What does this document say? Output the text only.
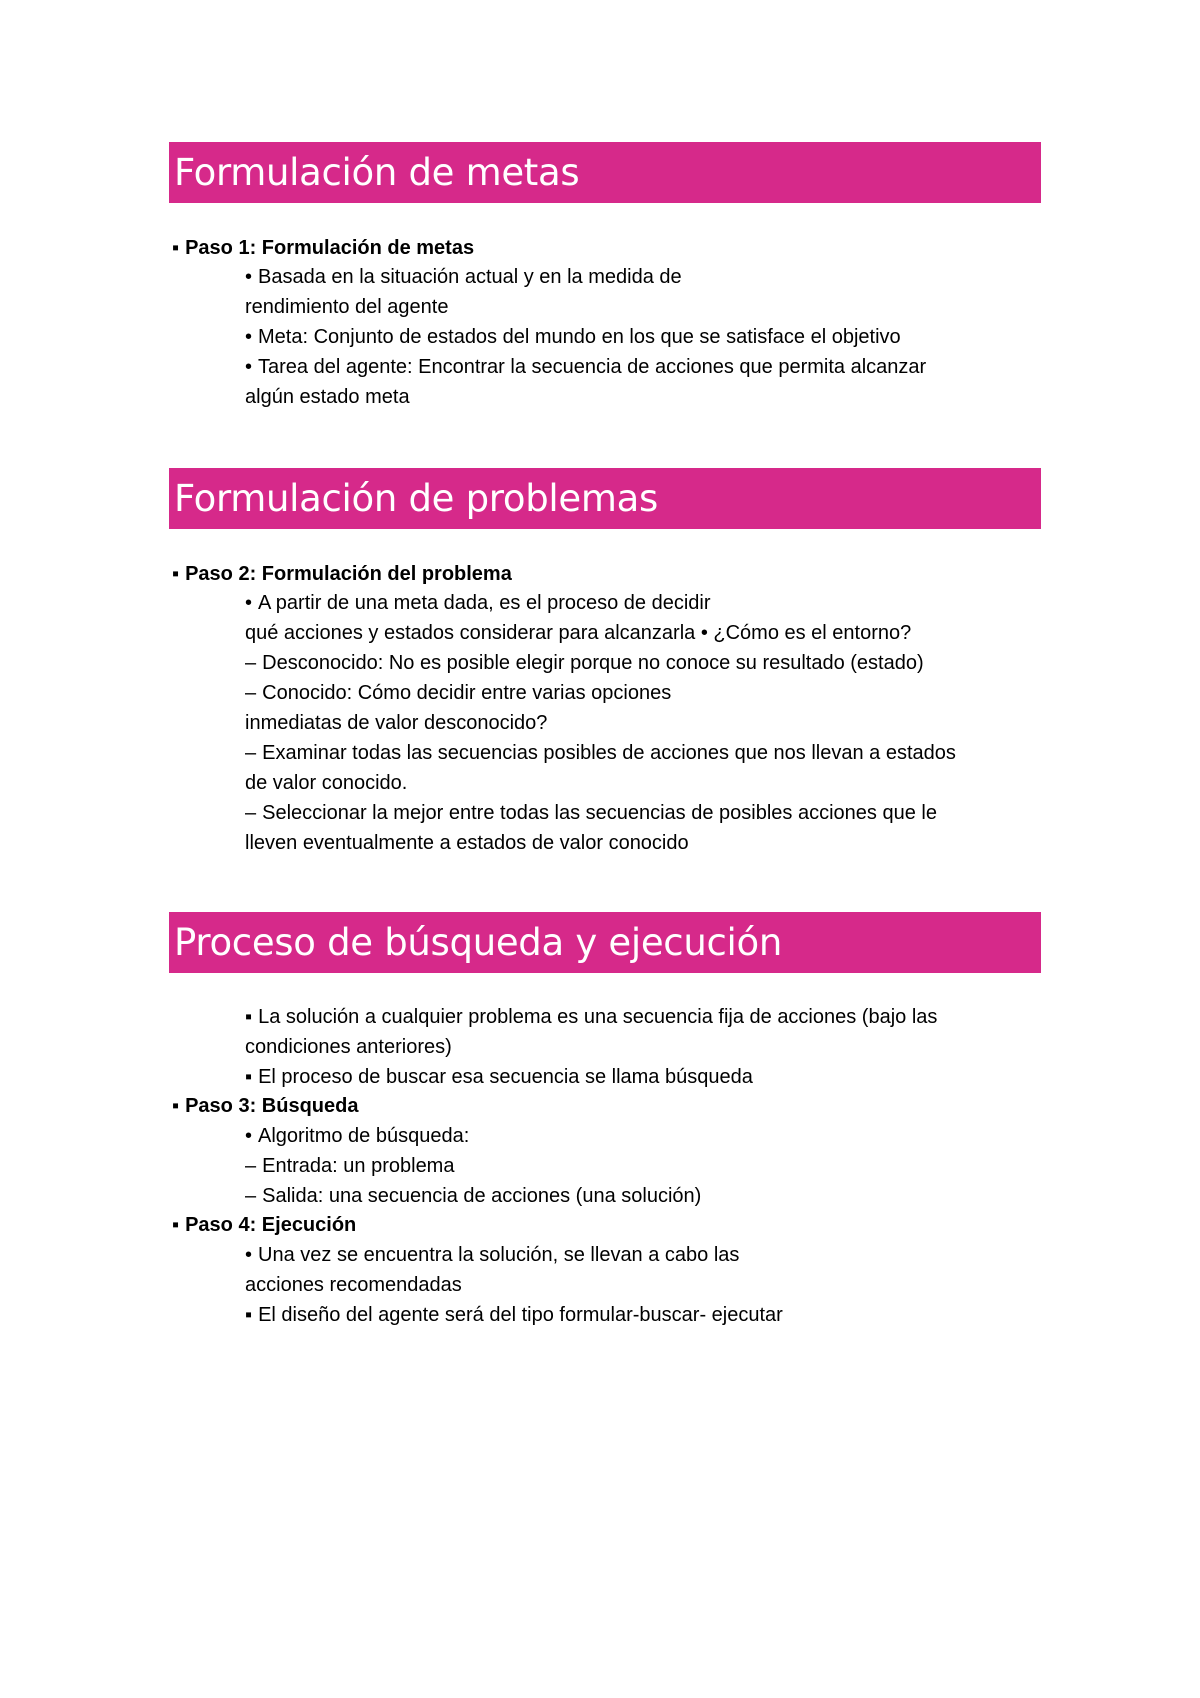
Formulación de metas
▪ Paso 1: Formulación de metas
• Basada en la situación actual y en la medida de
rendimiento del agente
• Meta: Conjunto de estados del mundo en los que se satisface el objetivo
• Tarea del agente: Encontrar la secuencia de acciones que permita alcanzar
algún estado meta
Formulación de problemas
▪ Paso 2: Formulación del problema
• A partir de una meta dada, es el proceso de decidir
qué acciones y estados considerar para alcanzarla • ¿Cómo es el entorno?
– Desconocido: No es posible elegir porque no conoce su resultado (estado)
– Conocido: Cómo decidir entre varias opciones
inmediatas de valor desconocido?
– Examinar todas las secuencias posibles de acciones que nos llevan a estados
de valor conocido.
– Seleccionar la mejor entre todas las secuencias de posibles acciones que le
lleven eventualmente a estados de valor conocido
Proceso de búsqueda y ejecución
▪ La solución a cualquier problema es una secuencia fija de acciones (bajo las
condiciones anteriores)
▪ El proceso de buscar esa secuencia se llama búsqueda
▪ Paso 3: Búsqueda
• Algoritmo de búsqueda:
– Entrada: un problema
– Salida: una secuencia de acciones (una solución)
▪ Paso 4: Ejecución
• Una vez se encuentra la solución, se llevan a cabo las
acciones recomendadas
▪ El diseño del agente será del tipo formular-buscar- ejecutar
